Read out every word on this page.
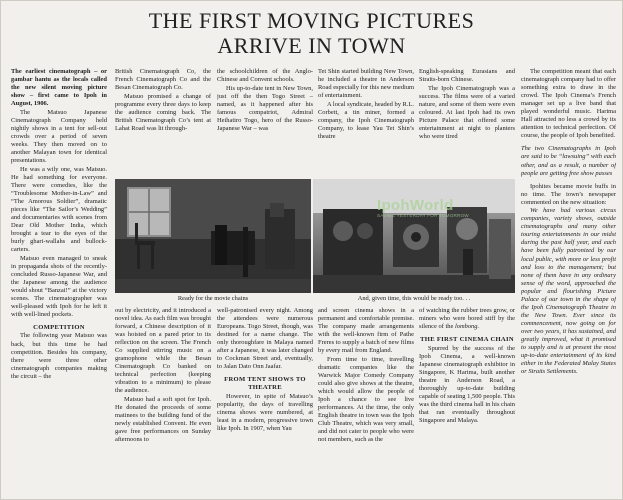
THE FIRST MOVING PICTURES
ARRIVE IN TOWN

The earliest cinematograph – or gambar hantu as the locals called the new silent moving picture show – first came to Ipoh in August, 1906.

The Matsuo Japanese Cinematograph Company held nightly shows in a tent for sell-out crowds over a period of seven weeks. They then moved on to another Malayan town for identical presentations.

He was a wily one, was Matsuo. He had something for everyone. There were comedies, like the “Troublesome Mother-in-Law” and “The Amorous Soldier”, dramatic pieces like “The Sailor’s Wedding” and documentaries with scenes from Dear Old Mother India, which brought a tear to the eyes of the burly ghari-wallahs and bullock-carters.

Matsuo even managed to sneak in propaganda shots of the recently-concluded Russo-Japanese War, and the Japanese among the audience would shout “Banzai!” at the victory scenes. The cinematographer was well-pleased with Ipoh for he left it with well-lined pockets.

COMPETITION

The following year Matsuo was back, but this time he had competition. Besides his company, there were three other cinematograph companies making the circuit – the

British Cinematograph Co, the French Cinematograph Co and the Besan Cinematograph Co.

Matsuo promised a change of programme every three days to keep the audience coming back. The British Cinematograph Co’s tent at Lahat Road was lit through-

the schoolchildren of the Anglo-Chinese and Convent schools.

His up-to-date tent in New Town, just off the then Togo Street – named, as it happened after his famous compatriot, Admiral Heihatiro Togo, hero of the Russo-Japanese War – was

Tet Shin started building New Town, he included a theatre in Anderson Road especially for this new medium of entertainment.

A local syndicate, headed by R.L. Corbett, a tin miner, formed a company, the Ipoh Cinematograph Company, to lease Yau Tet Shin’s theatre

English-speaking Eurasians and Straits-born Chinese.

The Ipoh Cinematograph was a success. The films were of a varied nature, and some of them were even coloured. At last Ipoh had its own Picture Palace that offered some entertainment at night to planters who were tired

The competition meant that each cinematograph company had to offer something extra to draw in the crowd. The Ipoh Cinema’s French manager set up a live band that played wonderful music. Harima Hall attracted no less a crowd by its attention to technical perfection. Of course, the people of Ipoh benefited.

The two Cinematographs in Ipoh are said to be “lawsuing” with each other, and as a result, a number of people are getting free show passes

Ipohites became movie buffs in no time. The town’s newspaper commented on the new situation:

We have had various circus companies, variety shows, outside cinematographs and many other touring entertainments in our midst during the past half year, and each have been fully patronized by our local public, with more or less profit and loss to the management; but none of them have in any ordinary sense of the word, approached the popular and flourishing Picture Palace of our town in the shape of the Ipoh Cinematograph Theatre in the New Town. Ever since its commencement, now going on for over two years, it has sustained, and greatly improved, what it promised to supply and is at present the most up-to-date entertainment of its kind either in the Federated Malay States or Straits Settlements.

IpohWorld
SAVING YESTERDAY FOR TOMORROW
Ready for the movie chains	And, given time, this would be ready too. . .

out by electricity, and it introduced a novel idea. As each film was brought forward, a Chinese description of it was hoisted on a pared prior to its reflection on the screen. The French Co supplied stirring music on a gramophone while the Besan Cinematograph Co banked on technical perfection (keeping vibration to a minimum) to please the audience.

Matsuo had a soft spot for Ipoh. He donated the proceeds of some matinees to the building fund of the newly established Convent. He even gave free performances on Sunday afternoons to

well-patronised every night. Among the attendees were numerous Europeans. Togo Street, though, was destined for a name change. The only thoroughfare in Malaya named after a Japanese, it was later changed to Cockman Street and, eventually, to Jalan Dato Onn Jaafar.

FROM TENT SHOWS TO THEATRE

However, in spite of Matsuo’s popularity, the days of travelling cinema shows were numbered, at least in a modern, progressive town like Ipoh. In 1907, when Yau

and screen cinema shows in a permanent and comfortable premise. The company made arrangements with the well-known firm of Pathe Freres to supply a batch of new films by every mail from England.

From time to time, travelling dramatic companies like the Warwick Major Comedy Company could also give shows at the theatre, which would allow the people of Ipoh a chance to see live performances. At the time, the only English theatre in town was the Ipoh Club Theatre, which was very small, and did not cater to people who were not members, such as the

of watching the rubber trees grow, or miners who were bored stiff by the silence of the lombong.

THE FIRST CINEMA CHAIN

Spurred by the success of the Ipoh Cinema, a well-known Japanese cinematograph exhibitor in Singapore, K Harima, built another theatre in Anderson Road, a thoroughly up-to-date building capable of seating 1,500 people. This was the third cinema hall in his chain that ran eventually throughout Singapore and Malaya.
